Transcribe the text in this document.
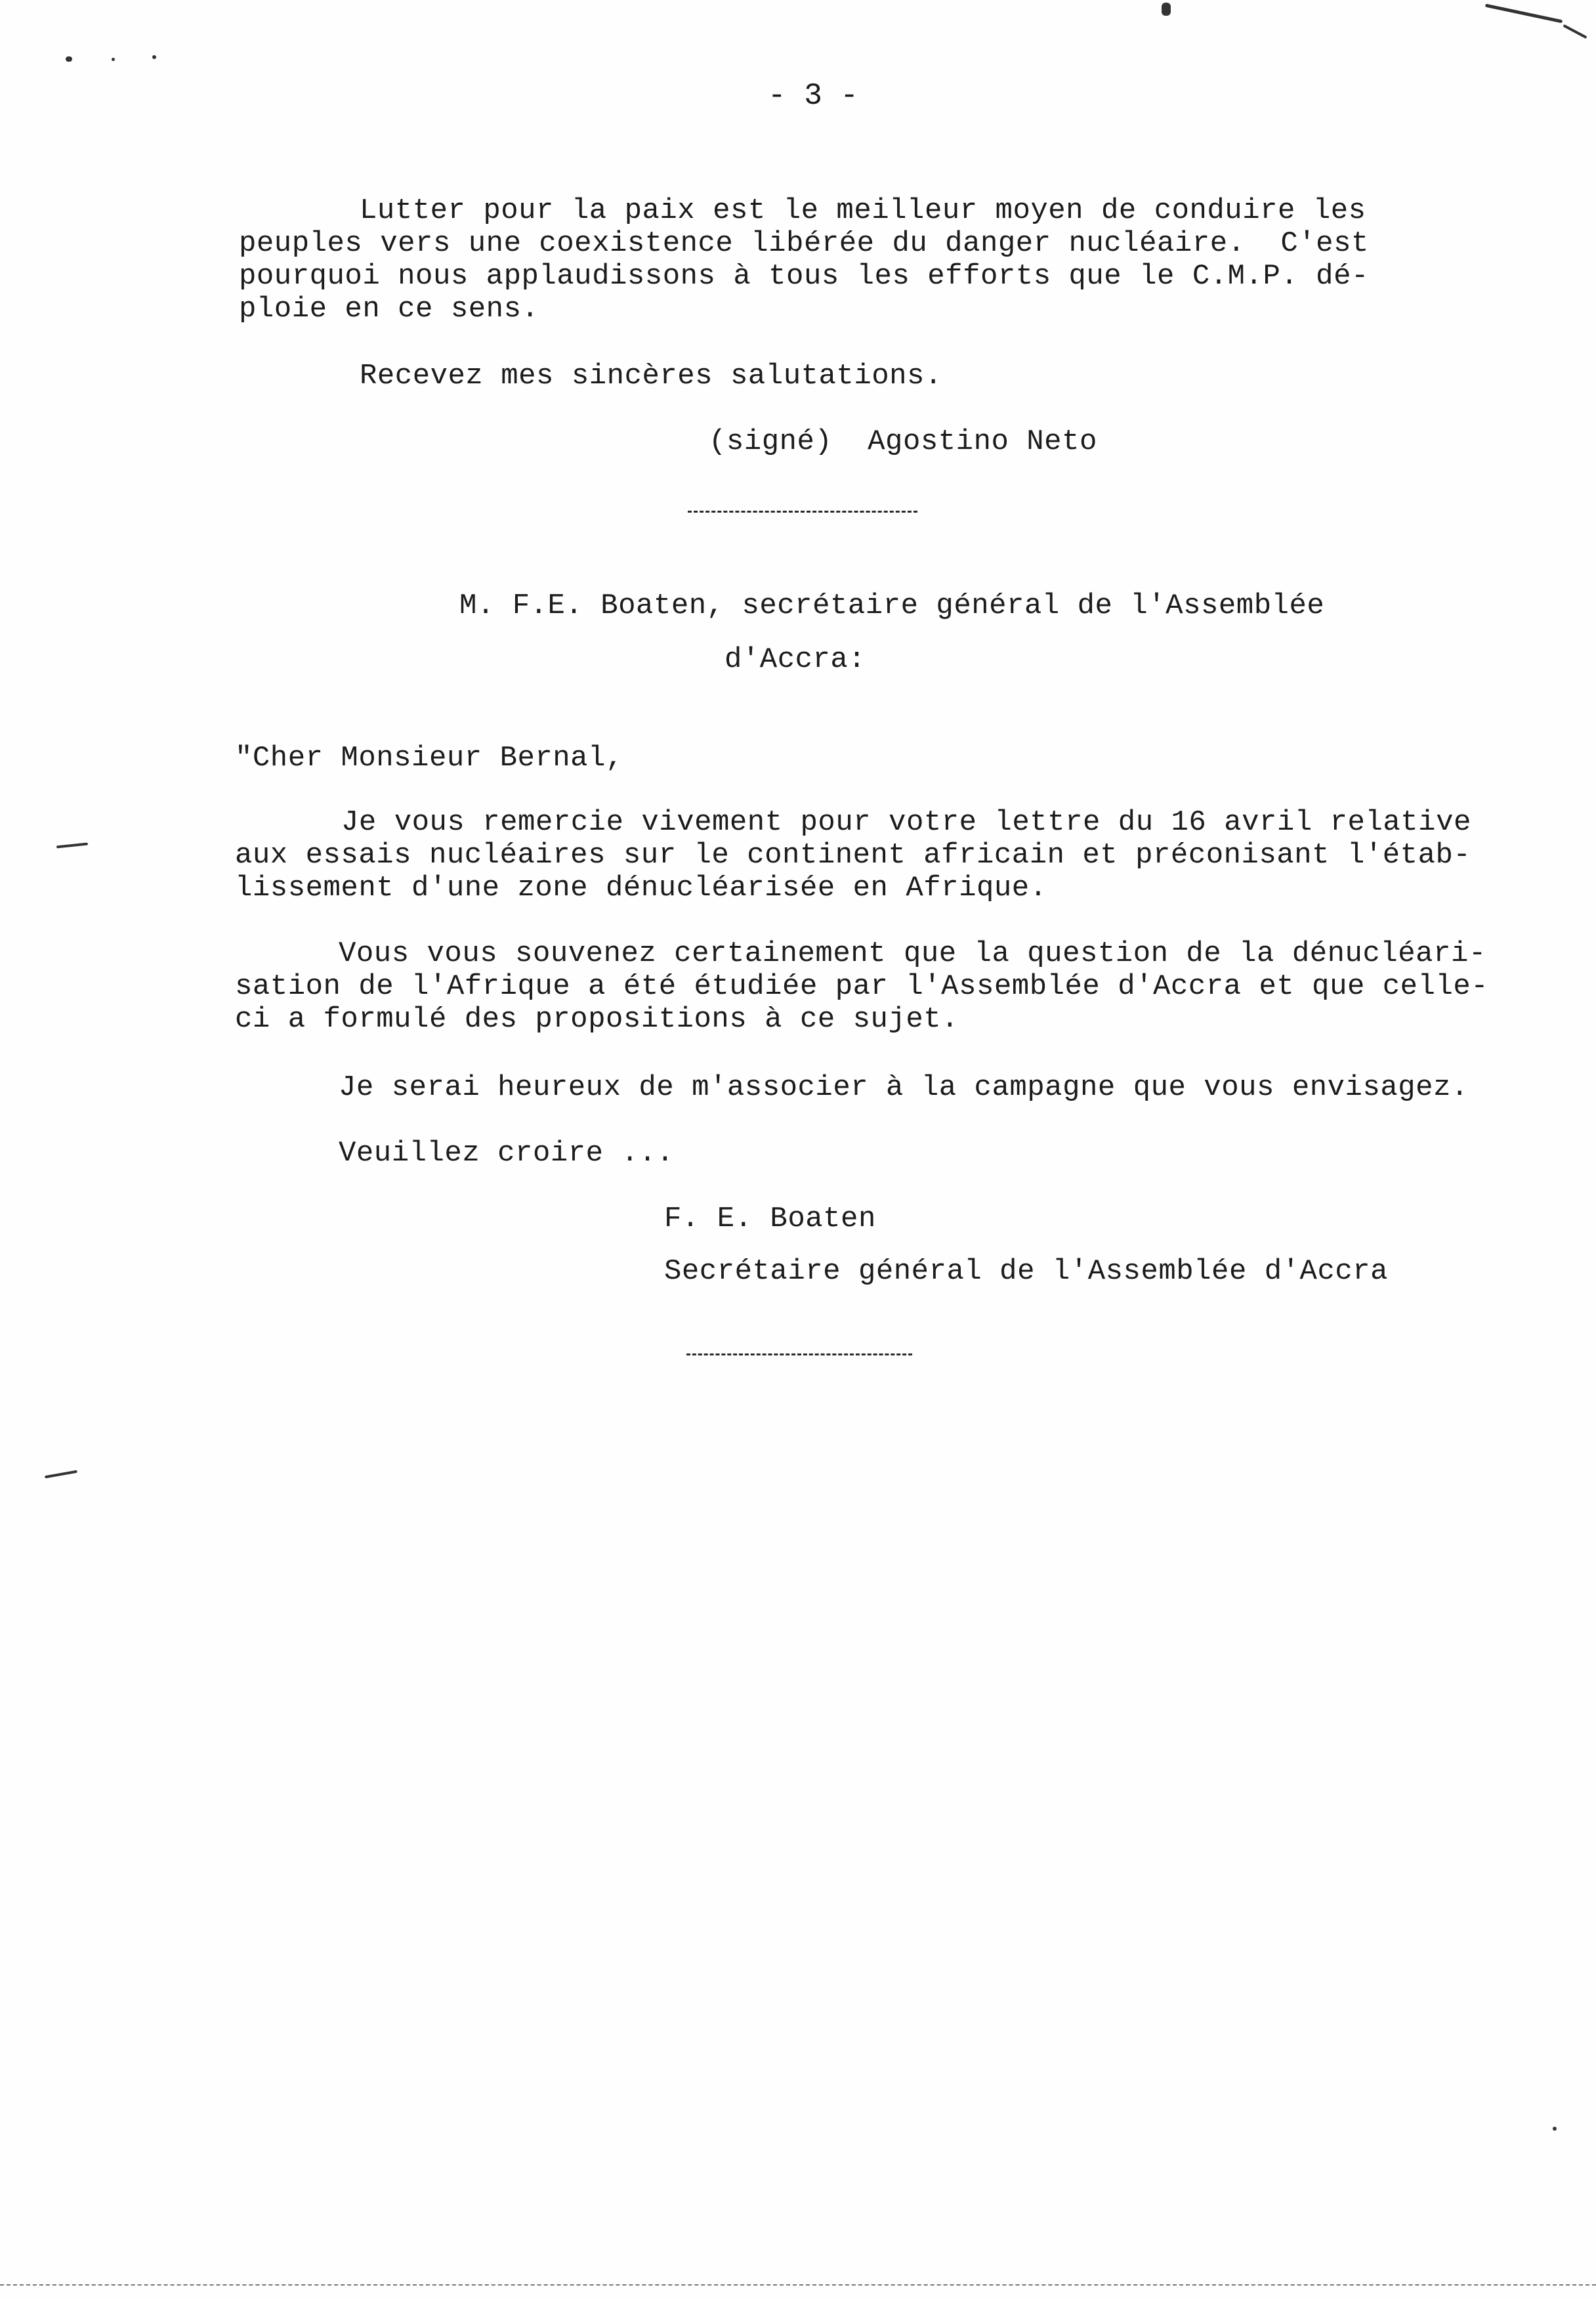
- 3 -
Lutter pour la paix est le meilleur moyen de conduire les
peuples vers une coexistence libérée du danger nucléaire.  C'est
pourquoi nous applaudissons à tous les efforts que le C.M.P. dé-
ploie en ce sens.
Recevez mes sincères salutations.
(signé)  Agostino Neto
M. F.E. Boaten, secrétaire général de l'Assemblée
d'Accra:
"Cher Monsieur Bernal,
Je vous remercie vivement pour votre lettre du 16 avril relative
aux essais nucléaires sur le continent africain et préconisant l'étab-
lissement d'une zone dénucléarisée en Afrique.
Vous vous souvenez certainement que la question de la dénucléari-
sation de l'Afrique a été étudiée par l'Assemblée d'Accra et que celle-
ci a formulé des propositions à ce sujet.
Je serai heureux de m'associer à la campagne que vous envisagez.
Veuillez croire ...
F. E. Boaten
Secrétaire général de l'Assemblée d'Accra
